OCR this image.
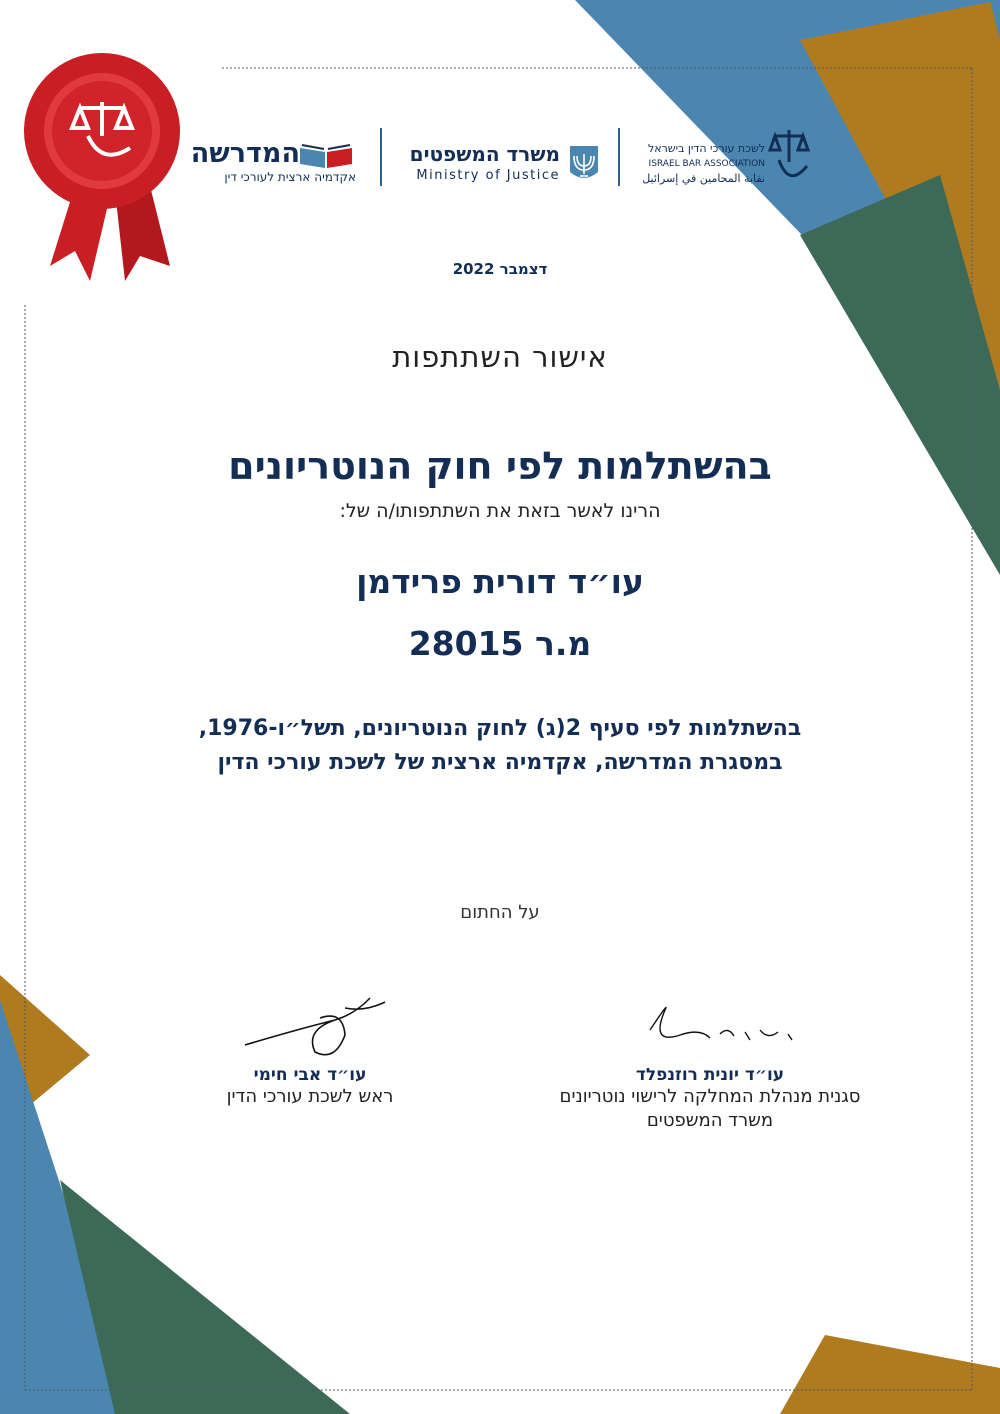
המדרשה
אקדמיה ארצית לעורכי דין
משרד המשפטים
Ministry of Justice
לשכת עורכי הדין בישראל
ISRAEL BAR ASSOCIATION
نقابة المحامين في إسرائيل
דצמבר 2022
אישור השתתפות
בהשתלמות לפי חוק הנוטריונים
הרינו לאשר בזאת את השתתפותו/ה של:
עו״ד דורית פרידמן
מ.ר 28015
בהשתלמות לפי סעיף 2(ג) לחוק הנוטריונים, תשל״ו-1976,
במסגרת המדרשה, אקדמיה ארצית של לשכת עורכי הדין
על החתום
עו״ד אבי חימי
ראש לשכת עורכי הדין
עו״ד יונית רוזנפלד
סגנית מנהלת המחלקה לרישוי נוטריונים
משרד המשפטים
